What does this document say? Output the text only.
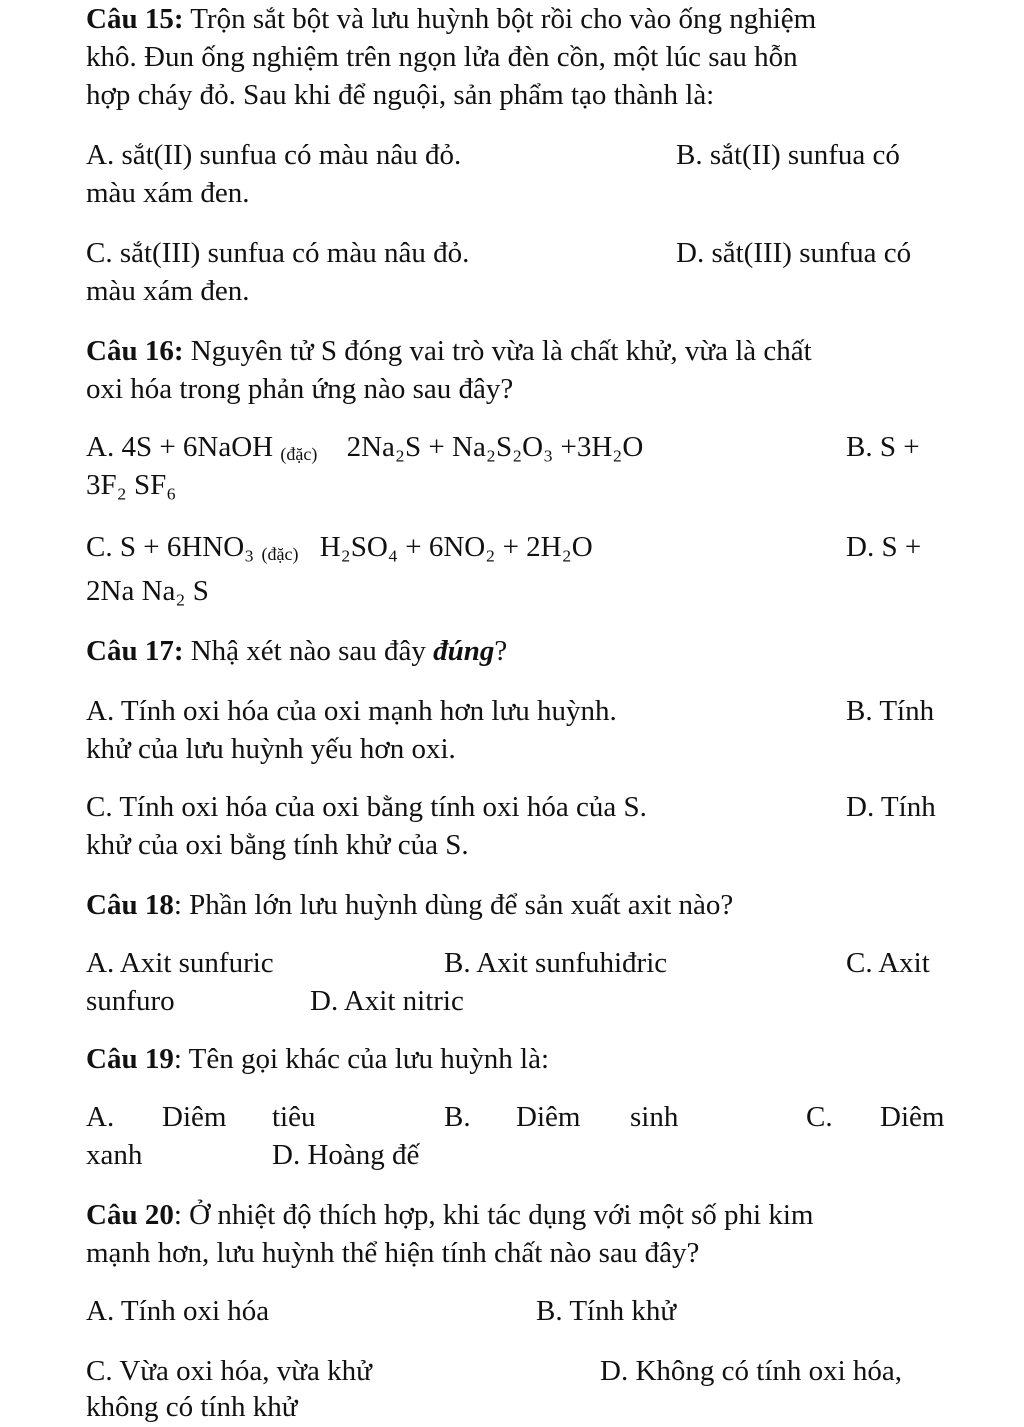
Câu 15: Trộn sắt bột và lưu huỳnh bột rồi cho vào ống nghiệm
khô. Đun ống nghiệm trên ngọn lửa đèn cồn, một lúc sau hỗn
hợp cháy đỏ. Sau khi để nguội, sản phẩm tạo thành là:
A. sắt(II) sunfua có màu nâu đỏ.	B. sắt(II) sunfua có
màu xám đen.
C. sắt(III) sunfua có màu nâu đỏ.	D. sắt(III) sunfua có
màu xám đen.
Câu 16: Nguyên tử S đóng vai trò vừa là chất khử, vừa là chất
oxi hóa trong phản ứng nào sau đây?
A. 4S + 6NaOH (đặc) 2Na₂S + Na₂S₂O₃ +3H₂O	B. S +
3F₂ SF₆
C. S + 6HNO₃ (đặc) H₂SO₄ + 6NO₂ + 2H₂O	D. S +
2Na Na₂ S
Câu 17: Nhậ xét nào sau đây đúng?
A. Tính oxi hóa của oxi mạnh hơn lưu huỳnh.	B. Tính
khử của lưu huỳnh yếu hơn oxi.
C. Tính oxi hóa của oxi bằng tính oxi hóa của S.	D. Tính
khử của oxi bằng tính khử của S.
Câu 18: Phần lớn lưu huỳnh dùng để sản xuất axit nào?
A. Axit sunfuric	B. Axit sunfuhiđric	C. Axit
sunfuro	D. Axit nitric
Câu 19: Tên gọi khác của lưu huỳnh là:
A. Diêm tiêu	B. Diêm sinh	C. Diêm
xanh	D. Hoàng đế
Câu 20: Ở nhiệt độ thích hợp, khi tác dụng với một số phi kim
mạnh hơn, lưu huỳnh thể hiện tính chất nào sau đây?
A. Tính oxi hóa	B. Tính khử
C. Vừa oxi hóa, vừa khử	D. Không có tính oxi hóa,
không có tính khử
